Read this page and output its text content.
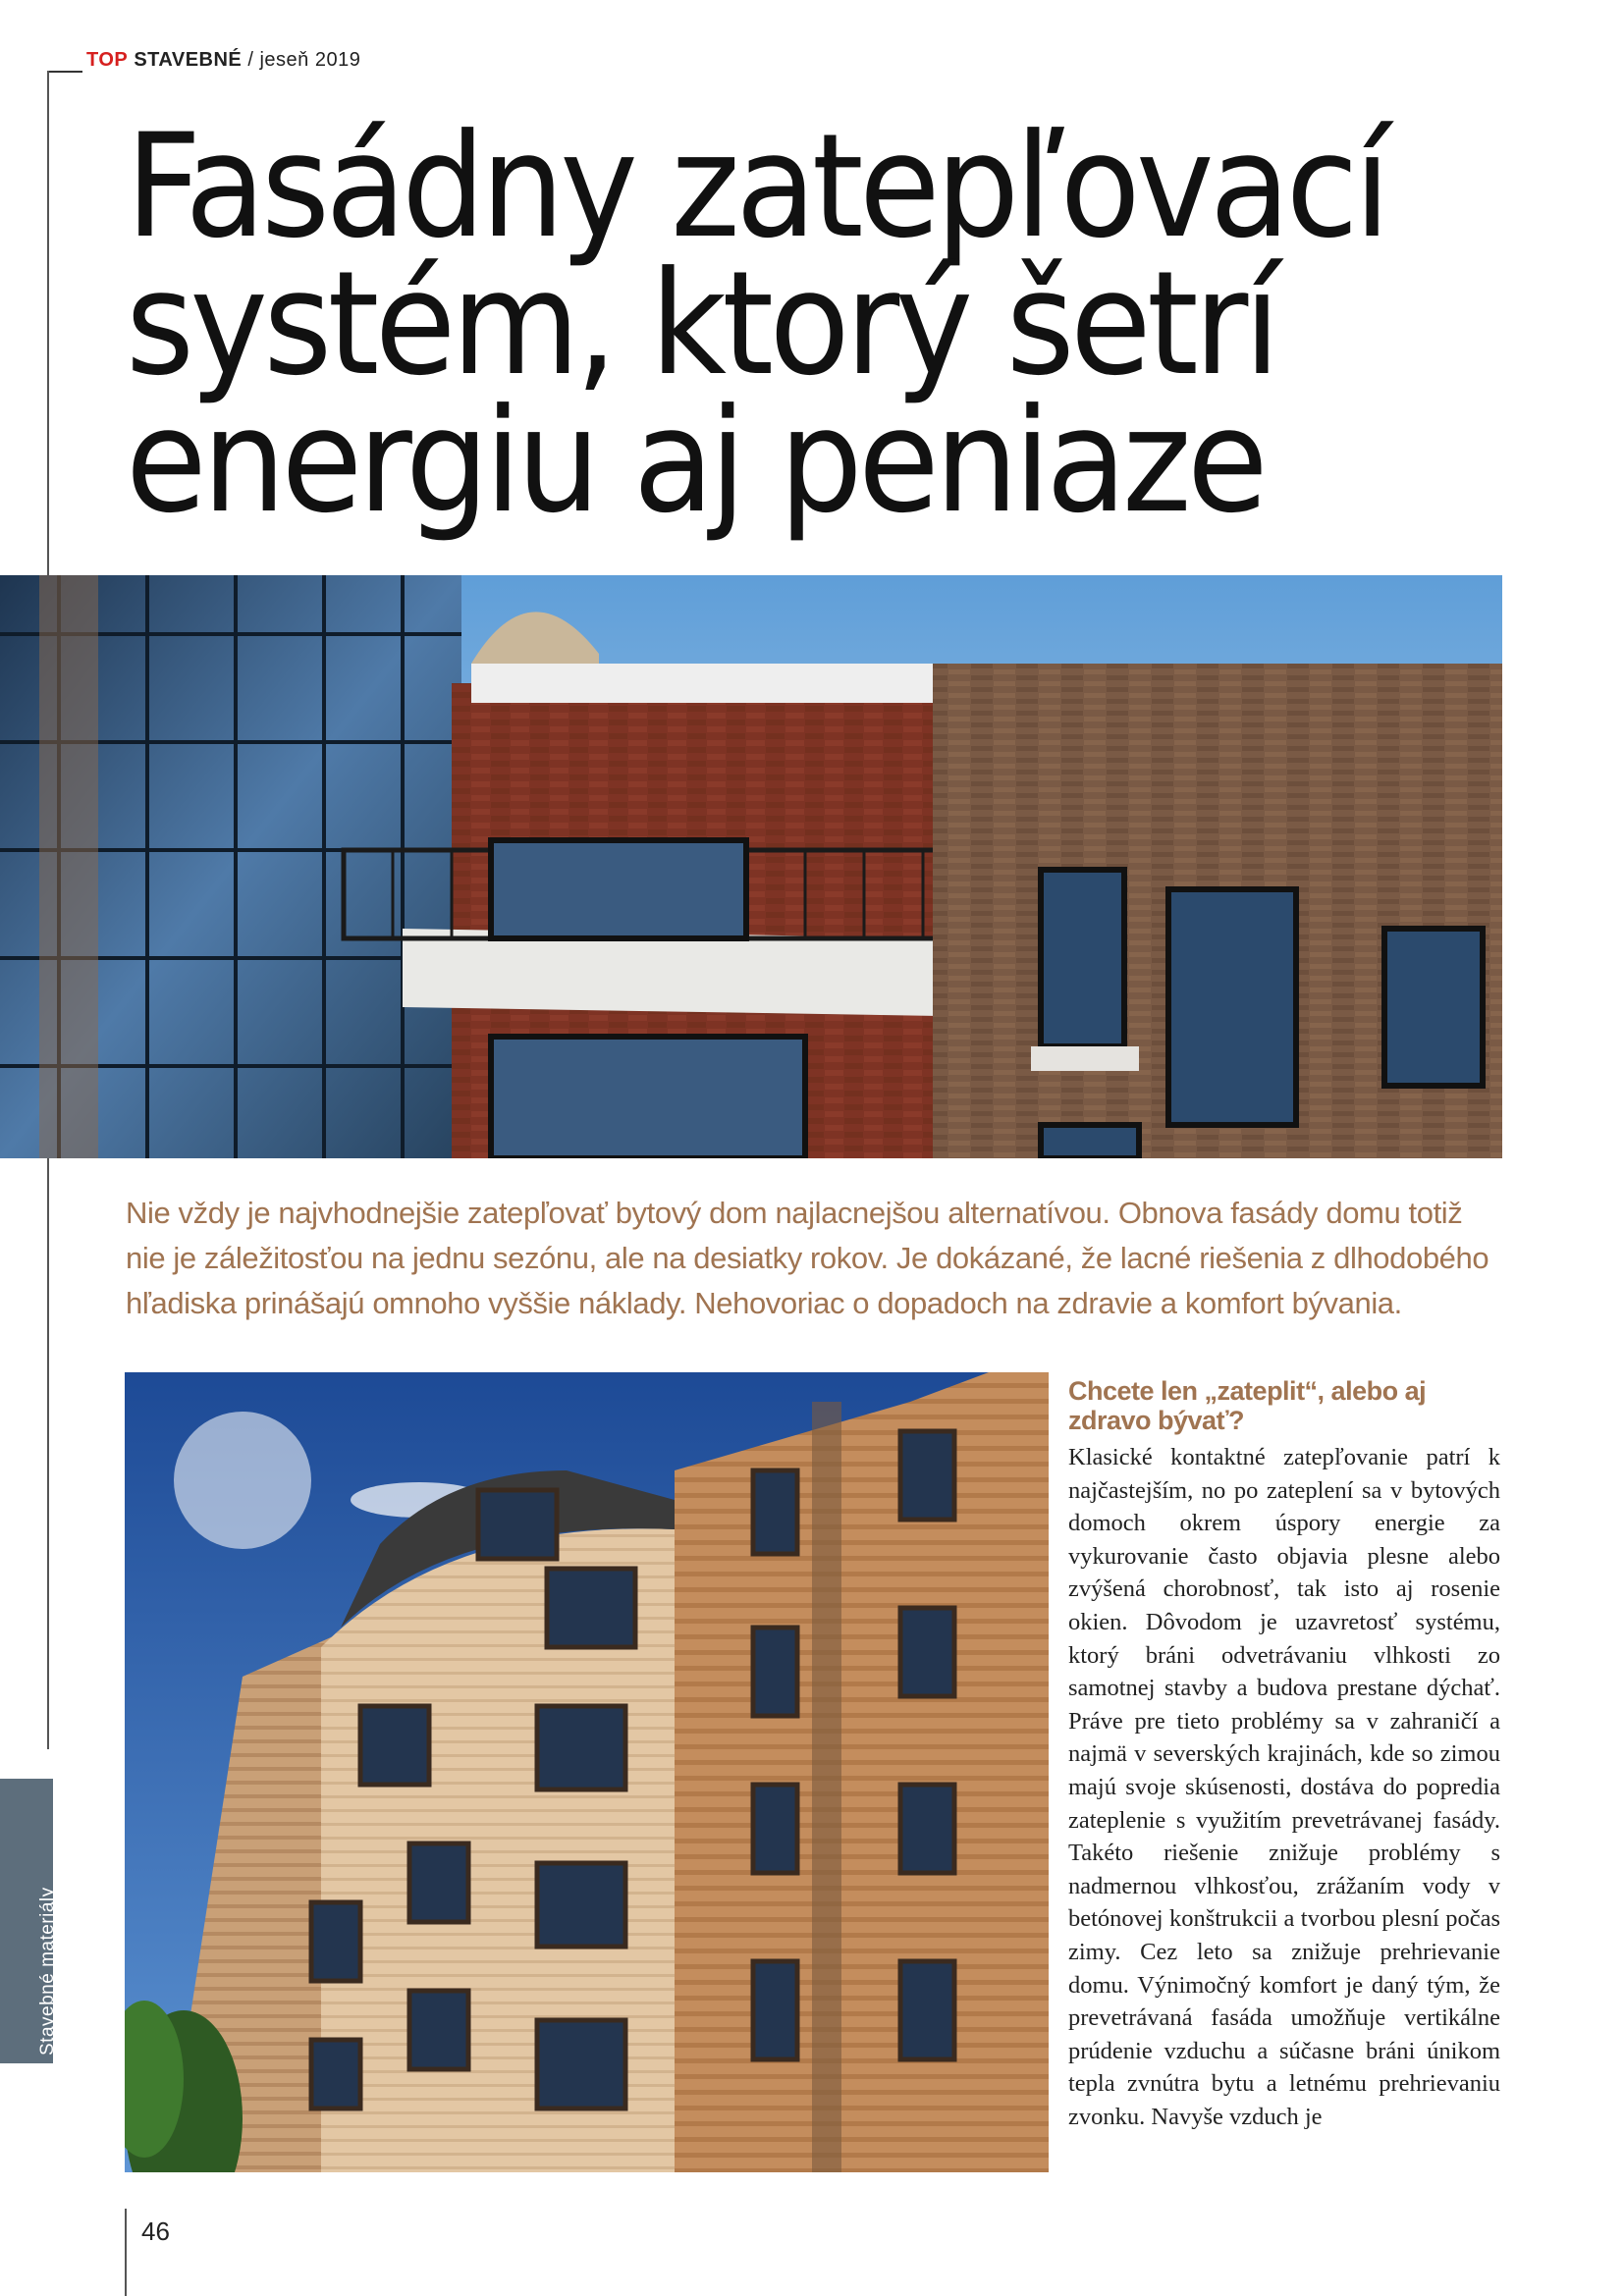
TOP STAVEBNÉ / jeseň 2019
Fasádny zatepľovací
systém, ktorý šetrí
energiu aj peniaze

Nie vždy je najvhodnejšie zatepľovať bytový dom najlacnejšou alternatívou. Obnova fasády domu totiž nie je záležitosťou na jednu sezónu, ale na desiatky rokov. Je dokázané, že lacné riešenia z dlhodobého hľadiska prinášajú omnoho vyššie náklady. Nehovoriac o dopadoch na zdravie a komfort bývania.

Chcete len „zateplit“, alebo aj zdravo bývať?

Klasické kontaktné zatepľovanie patrí k najčastejším, no po zateplení sa v bytových domoch okrem úspory energie za vykurovanie často objavia plesne alebo zvýšená chorobnosť, tak isto aj rosenie okien. Dôvodom je uzavretosť systému, ktorý bráni odvetrávaniu vlhkosti zo samotnej stavby a budova prestane dýchať. Práve pre tieto problémy sa v zahraničí a najmä v severských krajinách, kde so zimou majú svoje skúsenosti, dostáva do popredia zateplenie s využitím prevetrávanej fasády. Takéto riešenie znižuje problémy s nadmernou vlhkosťou, zrážaním vody v betónovej konštrukcii a tvorbou plesní počas zimy. Cez leto sa znižuje prehrievanie domu. Výnimočný komfort je daný tým, že prevetrávaná fasáda umožňuje vertikálne prúdenie vzduchu a súčasne bráni únikom tepla zvnútra bytu a letnému prehrievaniu zvonku. Navyše vzduch je

Stavebné materiály
46
